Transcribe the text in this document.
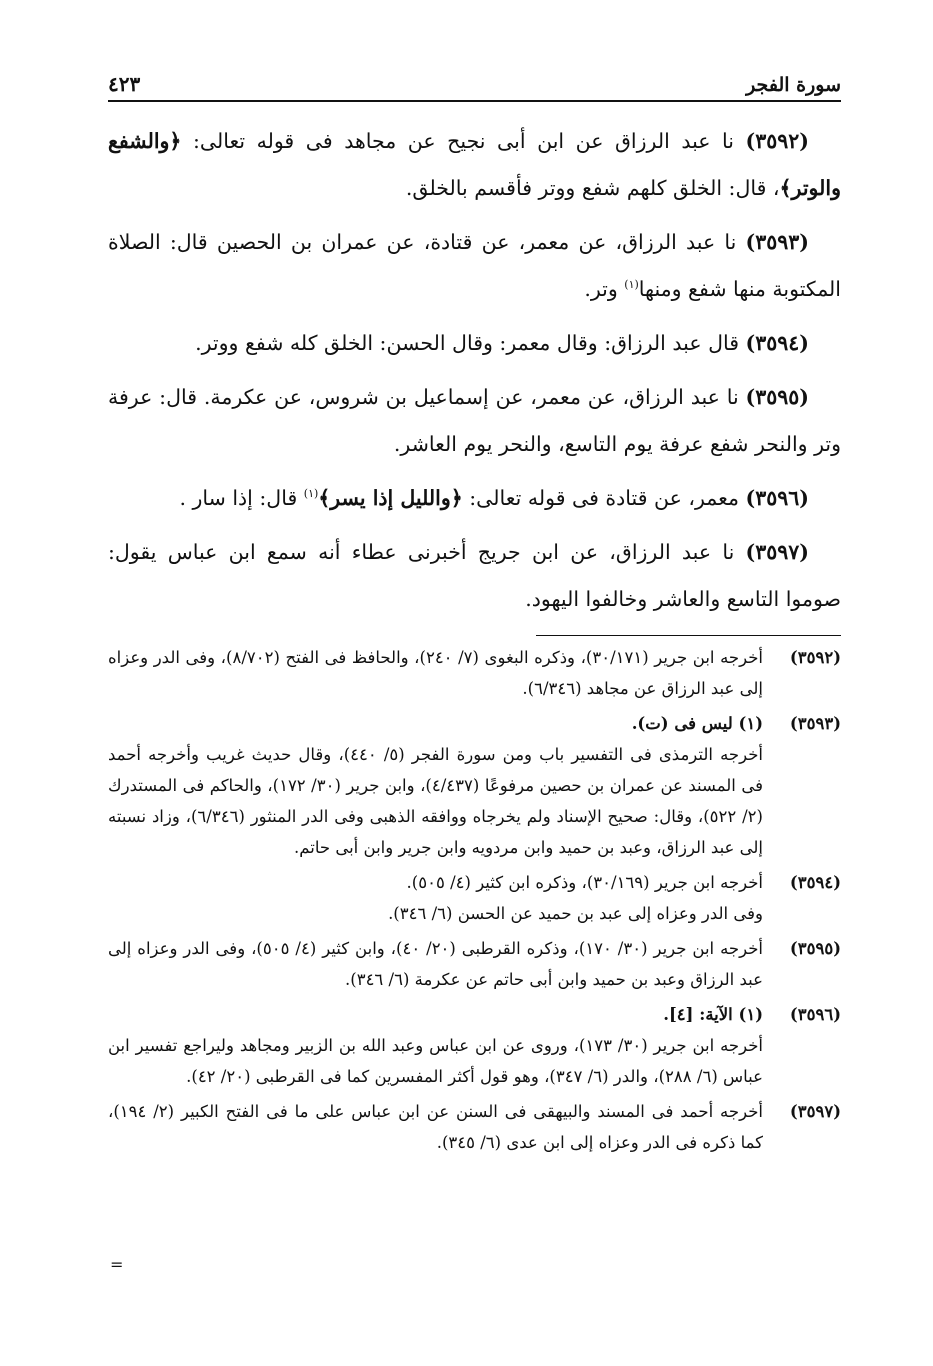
سورة الفجر
٤٢٣

(٣٥٩٢) نا عبد الرزاق عن ابن أبى نجيح عن مجاهد فى قوله تعالى: ﴿والشفع والوتر﴾، قال: الخلق كلهم شفع ووتر فأقسم بالخلق.

(٣٥٩٣) نا عبد الرزاق، عن معمر، عن قتادة، عن عمران بن الحصين قال: الصلاة المكتوبة منها شفع ومنها$^{(١)}$ وتر.

(٣٥٩٤) قال عبد الرزاق: وقال معمر: وقال الحسن: الخلق كله شفع ووتر.

(٣٥٩٥) نا عبد الرزاق، عن معمر، عن إسماعيل بن شروس، عن عكرمة. قال: عرفة وتر والنحر شفع عرفة يوم التاسع، والنحر يوم العاشر.

(٣٥٩٦) معمر، عن قتادة فى قوله تعالى: ﴿والليل إذا يسر﴾$^{(١)}$ قال: إذا سار .

(٣٥٩٧) نا عبد الرزاق، عن ابن جريج أخبرنى عطاء أنه سمع ابن عباس يقول: صوموا التاسع والعاشر وخالفوا اليهود.

(٣٥٩٢)

أخرجه ابن جرير (٣٠/١٧١)، وذكره البغوى (٧/ ٢٤٠)، والحافظ فى الفتح (٨/٧٠٢)، وفى الدر وعزاه إلى عبد الرزاق عن مجاهد (٦/٣٤٦).

(٣٥٩٣)

(١) ليس فى (ت).

أخرجه الترمذى فى التفسير باب ومن سورة الفجر (٥/ ٤٤٠)، وقال حديث غريب وأخرجه أحمد فى المسند عن عمران بن حصين مرفوعًا (٤/٤٣٧)، وابن جرير (٣٠/ ١٧٢)، والحاكم فى المستدرك (٢/ ٥٢٢)، وقال: صحيح الإسناد ولم يخرجاه ووافقه الذهبى وفى الدر المنثور (٦/٣٤٦)، وزاد نسبته إلى عبد الرزاق، وعبد بن حميد وابن مردويه وابن جرير وابن أبى حاتم.

(٣٥٩٤)

أخرجه ابن جرير (٣٠/١٦٩)، وذكره ابن كثير (٤/ ٥٠٥).

وفى الدر وعزاه إلى عبد بن حميد عن الحسن (٦/ ٣٤٦).

(٣٥٩٥)

أخرجه ابن جرير (٣٠/ ١٧٠)، وذكره القرطبى (٢٠/ ٤٠)، وابن كثير (٤/ ٥٠٥)، وفى الدر وعزاه إلى عبد الرزاق وعبد بن حميد وابن أبى حاتم عن عكرمة (٦/ ٣٤٦).

(٣٥٩٦)

(١) الآية: [٤].

أخرجه ابن جرير (٣٠/ ١٧٣)، وروى عن ابن عباس وعبد الله بن الزبير ومجاهد وليراجع تفسير ابن عباس (٦/ ٢٨٨)، والدر (٦/ ٣٤٧)، وهو قول أكثر المفسرين كما فى القرطبى (٢٠/ ٤٢).

(٣٥٩٧)

أخرجه أحمد فى المسند والبيهقى فى السنن عن ابن عباس على ما فى الفتح الكبير (٢/ ١٩٤)، كما ذكره فى الدر وعزاه إلى ابن عدى (٦/ ٣٤٥).

=
